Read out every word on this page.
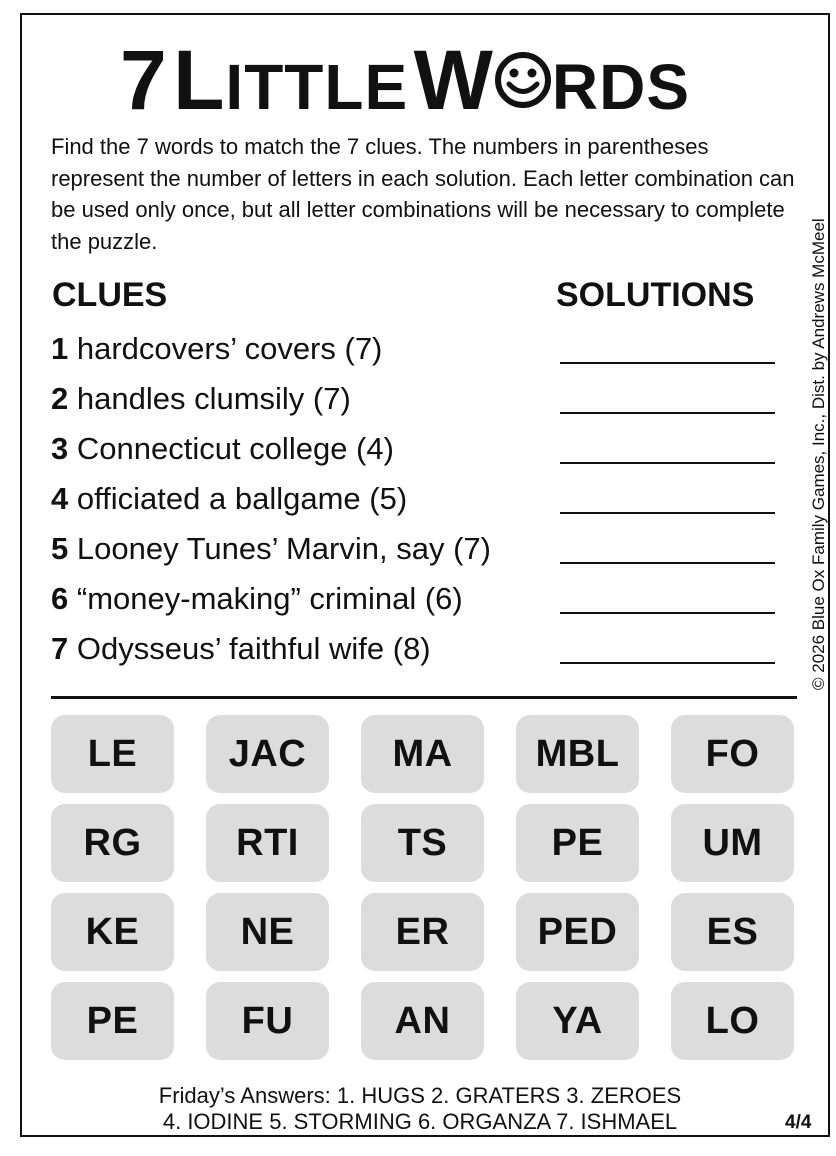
7 LITTLE W RDS
Find the 7 words to match the 7 clues. The numbers in parentheses represent the number of letters in each solution. Each letter combination can be used only once, but all letter combinations will be necessary to complete the puzzle.	© 2026 Blue Ox Family Games, Inc., Dist. by Andrews McMeel
CLUES	SOLUTIONS
1 hardcovers’ covers (7)
2 handles clumsily (7)
3 Connecticut college (4)
4 officiated a ballgame (5)
5 Looney Tunes’ Marvin, say (7)
6 “money-making” criminal (6)
7 Odysseus’ faithful wife (8)
LE	JAC	MA	MBL	FO
RG	RTI	TS	PE	UM
KE	NE	ER	PED	ES
PE	FU	AN	YA	LO
Friday’s Answers: 1. HUGS 2. GRATERS 3. ZEROES
4. IODINE 5. STORMING 6. ORGANZA 7. ISHMAEL	4/4
